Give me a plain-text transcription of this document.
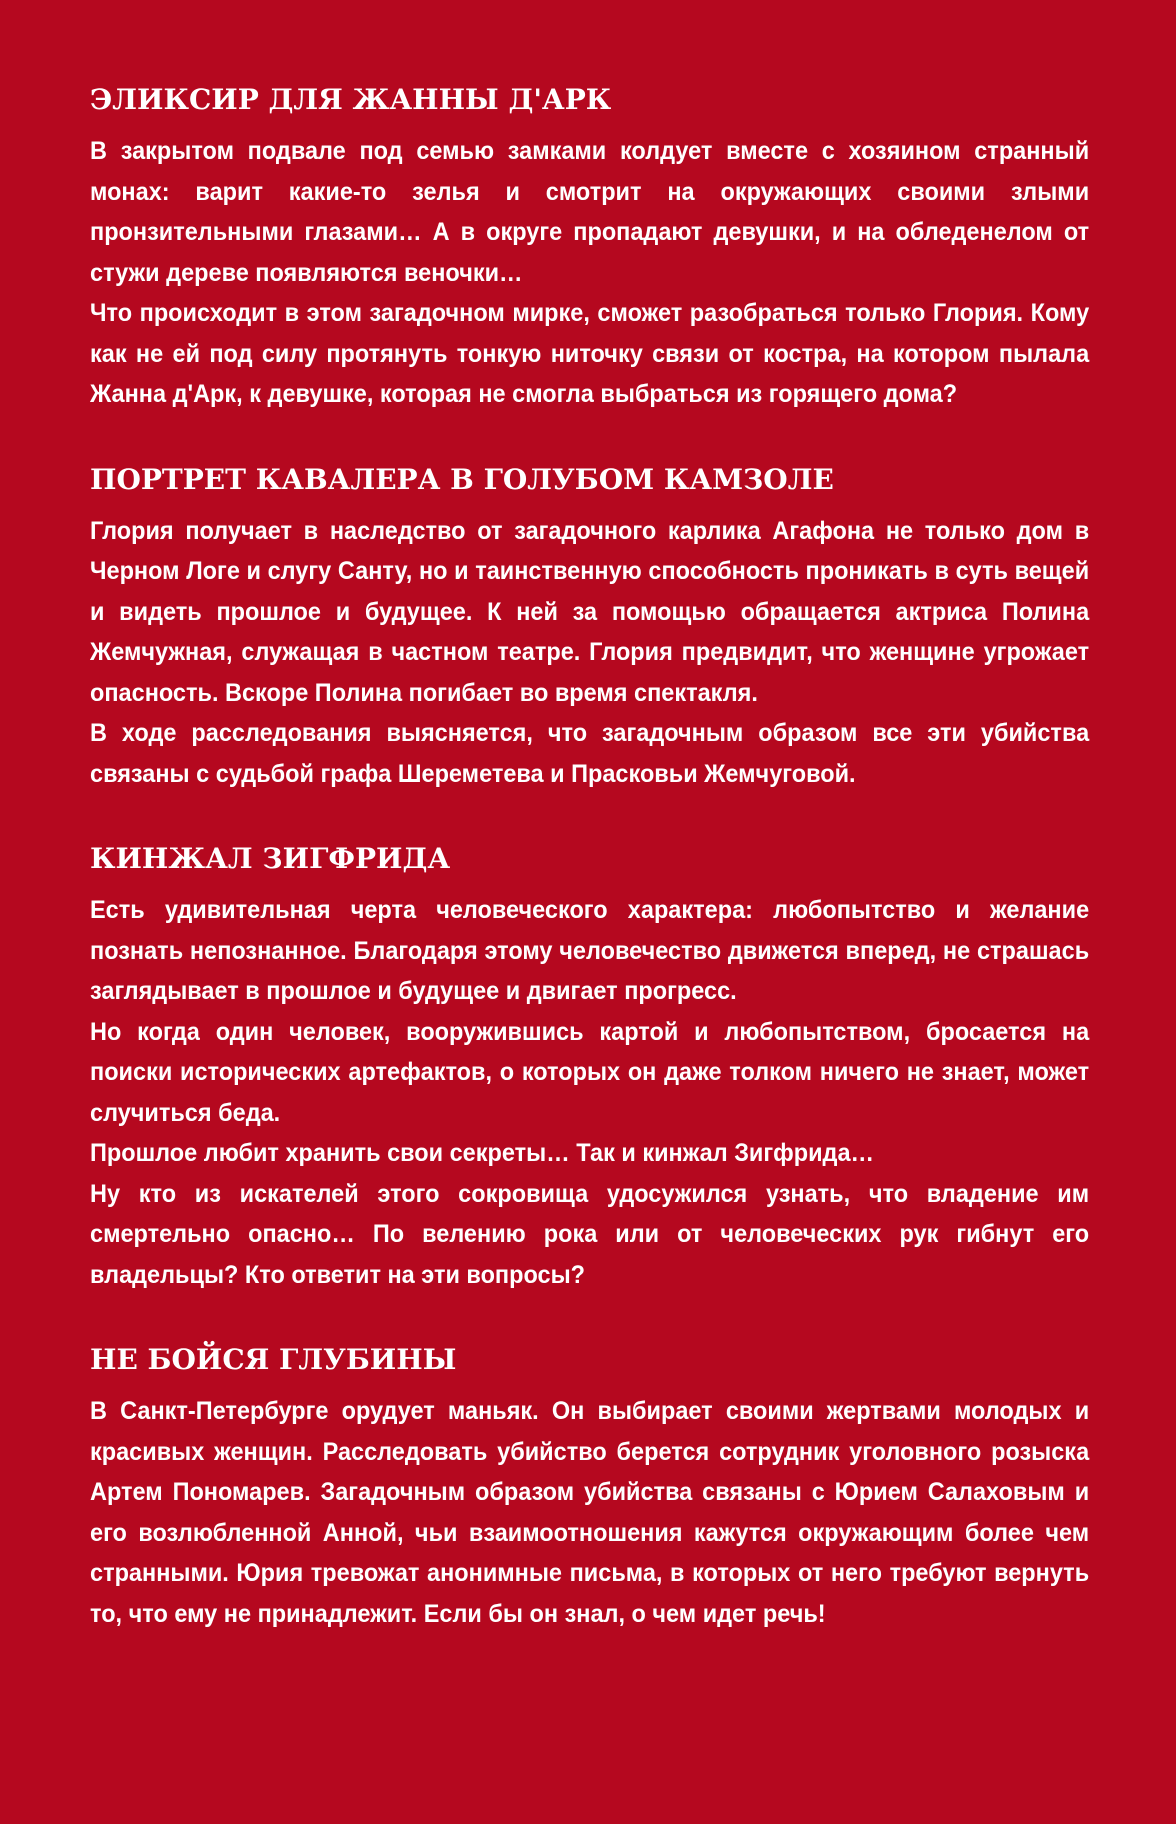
ЭЛИКСИР ДЛЯ ЖАННЫ Д'АРК

В закрытом подвале под семью замками колдует вместе с хозяином странный монах: варит какие-то зелья и смотрит на окружающих своими злыми пронзительными глазами… А в округе пропадают девушки, и на обледенелом от стужи дереве появляются веночки…

Что происходит в этом загадочном мирке, сможет разобраться только Глория. Кому как не ей под силу протянуть тонкую ниточку связи от костра, на котором пылала Жанна д'Арк, к девушке, которая не смогла выбраться из горящего дома?

ПОРТРЕТ КАВАЛЕРА В ГОЛУБОМ КАМЗОЛЕ

Глория получает в наследство от загадочного карлика Агафона не только дом в Черном Логе и слугу Санту, но и таинственную способность проникать в суть вещей и видеть прошлое и будущее. К ней за помощью обращается актриса Полина Жемчужная, служащая в частном театре. Глория предвидит, что женщине угрожает опасность. Вскоре Полина погибает во время спектакля.

В ходе расследования выясняется, что загадочным образом все эти убийства связаны с судьбой графа Шереметева и Прасковьи Жемчуговой.

КИНЖАЛ ЗИГФРИДА

Есть удивительная черта человеческого характера: любопытство и желание познать непознанное. Благодаря этому человечество движется вперед, не страшась заглядывает в прошлое и будущее и двигает прогресс.

Но когда один человек, вооружившись картой и любопытством, бросается на поиски исторических артефактов, о которых он даже толком ничего не знает, может случиться беда.

Прошлое любит хранить свои секреты… Так и кинжал Зигфрида…

Ну кто из искателей этого сокровища удосужился узнать, что владение им смертельно опасно… По велению рока или от человеческих рук гибнут его владельцы? Кто ответит на эти вопросы?

НЕ БОЙСЯ ГЛУБИНЫ

В Санкт-Петербурге орудует маньяк. Он выбирает своими жертвами молодых и красивых женщин. Расследовать убийство берется сотрудник уголовного розыска Артем Пономарев. Загадочным образом убийства связаны с Юрием Салаховым и его возлюбленной Анной, чьи взаимоотношения кажутся окружающим более чем странными. Юрия тревожат анонимные письма, в которых от него требуют вернуть то, что ему не принадлежит. Если бы он знал, о чем идет речь!
